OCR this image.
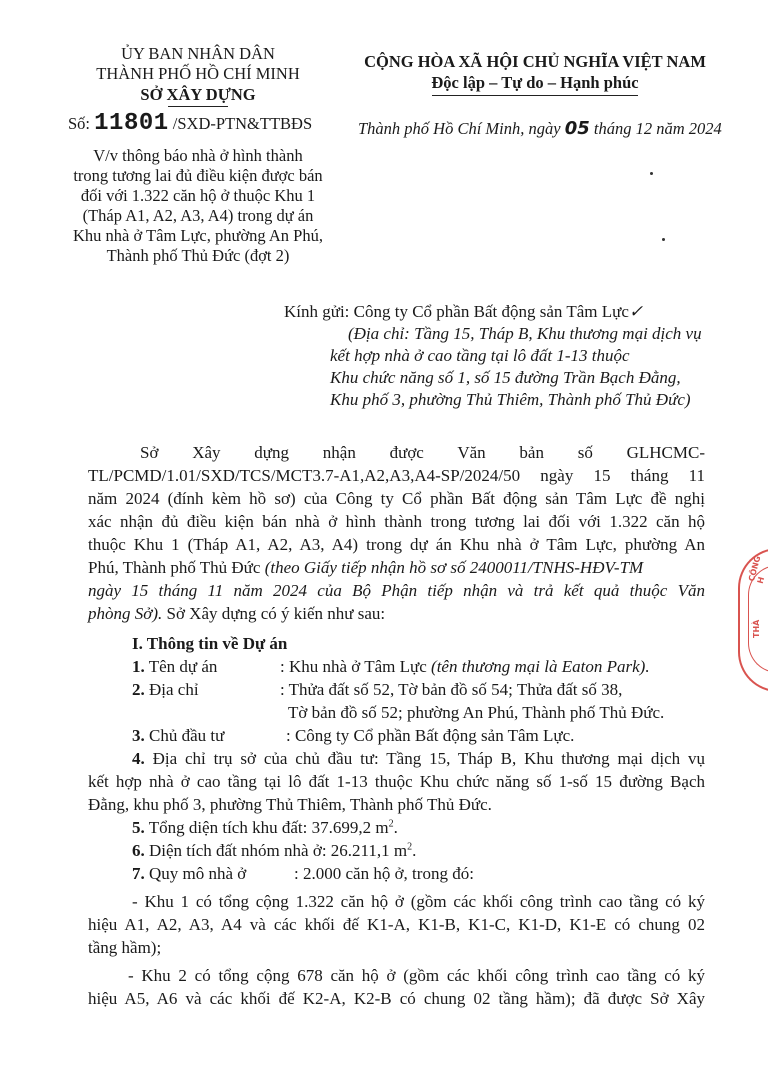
ỦY BAN NHÂN DÂN
THÀNH PHỐ HỒ CHÍ MINH
SỞ XÂY DỰNG
Số: 11801 /SXD-PTN&TTBĐS
V/v thông báo nhà ở hình thành
trong tương lai đủ điều kiện được bán
đối với 1.322 căn hộ ở thuộc Khu 1
(Tháp A1, A2, A3, A4) trong dự án
Khu nhà ở Tâm Lực, phường An Phú,
Thành phố Thủ Đức (đợt 2)
CỘNG HÒA XÃ HỘI CHỦ NGHĨA VIỆT NAM
Độc lập – Tự do – Hạnh phúc
Thành phố Hồ Chí Minh, ngày 05 tháng 12 năm 2024
Kính gửi: Công ty Cổ phần Bất động sản Tâm Lực✓
(Địa chỉ: Tầng 15, Tháp B, Khu thương mại dịch vụ
kết hợp nhà ở cao tầng tại lô đất 1-13 thuộc
Khu chức năng số 1, số 15 đường Trần Bạch Đằng,
Khu phố 3, phường Thủ Thiêm, Thành phố Thủ Đức)
Sở Xây dựng nhận được Văn bản số GLHCMC-
TL/PCMD/1.01/SXD/TCS/MCT3.7-A1,A2,A3,A4-SP/2024/50 ngày 15 tháng 11
năm 2024 (đính kèm hồ sơ) của Công ty Cổ phần Bất động sản Tâm Lực đề nghị
xác nhận đủ điều kiện bán nhà ở hình thành trong tương lai đối với 1.322 căn hộ
thuộc Khu 1 (Tháp A1, A2, A3, A4) trong dự án Khu nhà ở Tâm Lực, phường An
Phú, Thành phố Thủ Đức (theo Giấy tiếp nhận hồ sơ số 2400011/TNHS-HĐV-TM
ngày 15 tháng 11 năm 2024 của Bộ Phận tiếp nhận và trả kết quả thuộc Văn
phòng Sở). Sở Xây dựng có ý kiến như sau:
I. Thông tin về Dự án
1. Tên dự án	: Khu nhà ở Tâm Lực (tên thương mại là Eaton Park).
2. Địa chỉ	: Thửa đất số 52, Tờ bản đồ số 54; Thửa đất số 38,
Tờ bản đồ số 52; phường An Phú, Thành phố Thủ Đức.
3. Chủ đầu tư	: Công ty Cổ phần Bất động sản Tâm Lực.
4. Địa chỉ trụ sở của chủ đầu tư: Tầng 15, Tháp B, Khu thương mại dịch vụ
kết hợp nhà ở cao tầng tại lô đất 1-13 thuộc Khu chức năng số 1-số 15 đường Bạch
Đằng, khu phố 3, phường Thủ Thiêm, Thành phố Thủ Đức.
5. Tổng diện tích khu đất: 37.699,2 $m^2$.
6. Diện tích đất nhóm nhà ở: 26.211,1 $m^2$.
7. Quy mô nhà ở	: 2.000 căn hộ ở, trong đó:
- Khu 1 có tổng cộng 1.322 căn hộ ở (gồm các khối công trình cao tầng có ký
hiệu A1, A2, A3, A4 và các khối đế K1-A, K1-B, K1-C, K1-D, K1-E có chung 02
tầng hầm);
- Khu 2 có tổng cộng 678 căn hộ ở (gồm các khối công trình cao tầng có ký
hiệu A5, A6 và các khối đế K2-A, K2-B có chung 02 tầng hầm); đã được Sở Xây
CÔNG H
THÀ
